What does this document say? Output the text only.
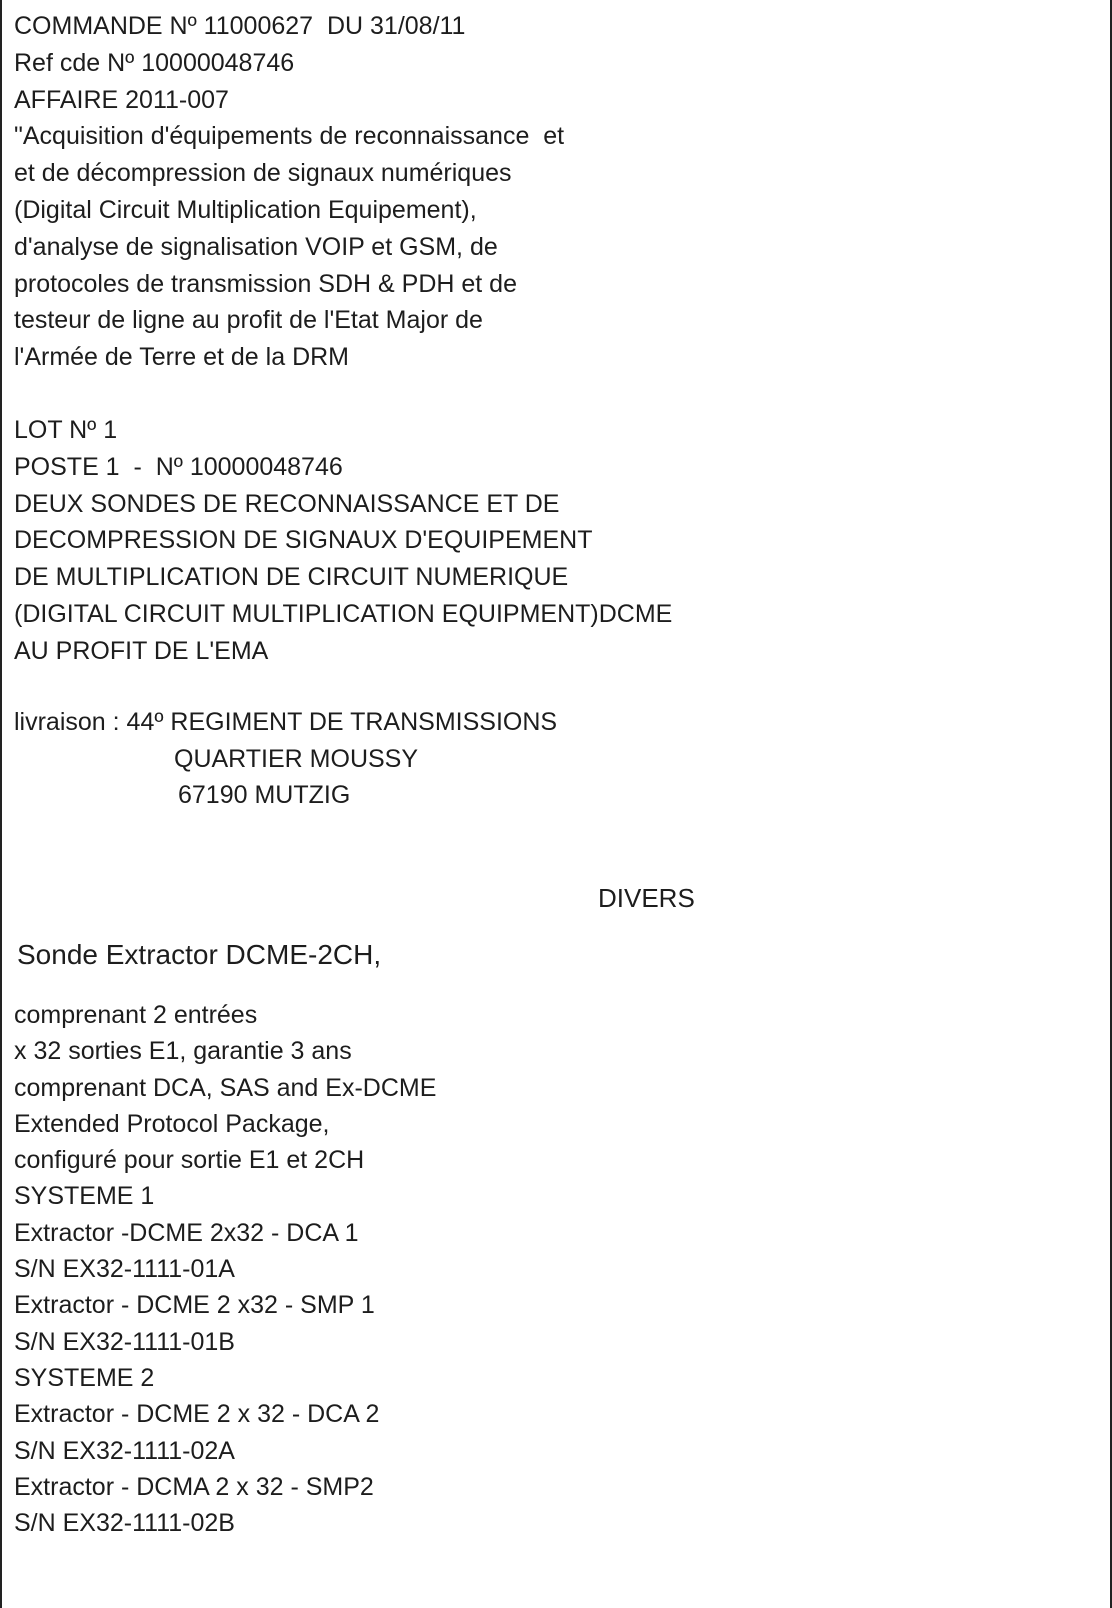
COMMANDE Nº 11000627  DU 31/08/11
Ref cde Nº 10000048746
AFFAIRE 2011-007
"Acquisition d'équipements de reconnaissance  et
et de décompression de signaux numériques
(Digital Circuit Multiplication Equipement),
d'analyse de signalisation VOIP et GSM, de
protocoles de transmission SDH & PDH et de
testeur de ligne au profit de l'Etat Major de
l'Armée de Terre et de la DRM
LOT Nº 1
POSTE 1  -  Nº 10000048746
DEUX SONDES DE RECONNAISSANCE ET DE
DECOMPRESSION DE SIGNAUX D'EQUIPEMENT
DE MULTIPLICATION DE CIRCUIT NUMERIQUE
(DIGITAL CIRCUIT MULTIPLICATION EQUIPMENT)DCME
AU PROFIT DE L'EMA
livraison : 44º REGIMENT DE TRANSMISSIONS
QUARTIER MOUSSY
67190 MUTZIG
DIVERS
Sonde Extractor DCME-2CH,
comprenant 2 entrées
x 32 sorties E1, garantie 3 ans
comprenant DCA, SAS and Ex-DCME
Extended Protocol Package,
configuré pour sortie E1 et 2CH
SYSTEME 1
Extractor -DCME 2x32 - DCA 1
S/N EX32-1111-01A
Extractor - DCME 2 x32 - SMP 1
S/N EX32-1111-01B
SYSTEME 2
Extractor - DCME 2 x 32 - DCA 2
S/N EX32-1111-02A
Extractor - DCMA 2 x 32 - SMP2
S/N EX32-1111-02B
